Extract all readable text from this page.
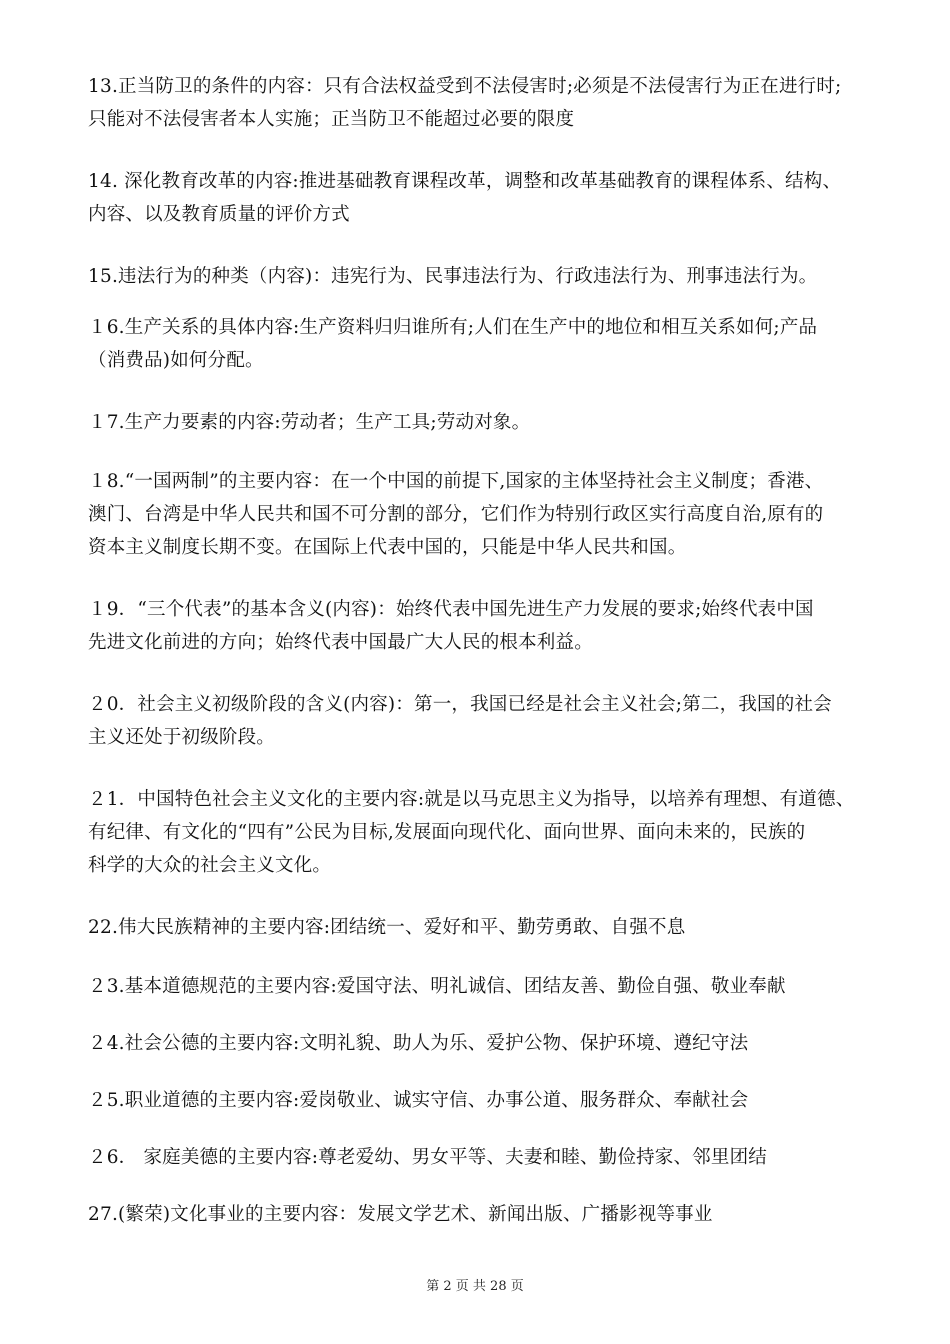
13.正当防卫的条件的内容：只有合法权益受到不法侵害时;必须是不法侵害行为正在进行时;
只能对不法侵害者本人实施；正当防卫不能超过必要的限度
14. 深化教育改革的内容:推进基础教育课程改革，调整和改革基础教育的课程体系、结构、
内容、以及教育质量的评价方式
15.违法行为的种类（内容)：违宪行为、民事违法行为、行政违法行为、刑事违法行为。
１6.生产关系的具体内容:生产资料归归谁所有;人们在生产中的地位和相互关系如何;产品
（消费品)如何分配。
１7.生产力要素的内容:劳动者；生产工具;劳动对象。
１8.“一国两制”的主要内容：在一个中国的前提下,国家的主体坚持社会主义制度；香港、
澳门、台湾是中华人民共和国不可分割的部分，它们作为特别行政区实行高度自治,原有的
资本主义制度长期不变。在国际上代表中国的，只能是中华人民共和国。
１9．“三个代表”的基本含义(内容)：始终代表中国先进生产力发展的要求;始终代表中国
先进文化前进的方向；始终代表中国最广大人民的根本利益。
２0．社会主义初级阶段的含义(内容)：第一，我国已经是社会主义社会;第二，我国的社会
主义还处于初级阶段。
２1．中国特色社会主义文化的主要内容:就是以马克思主义为指导，以培养有理想、有道德、
有纪律、有文化的“四有”公民为目标,发展面向现代化、面向世界、面向未来的，民族的
科学的大众的社会主义文化。
22.伟大民族精神的主要内容:团结统一、爱好和平、勤劳勇敢、自强不息
２3.基本道德规范的主要内容:爱国守法、明礼诚信、团结友善、勤俭自强、敬业奉献
２4.社会公德的主要内容:文明礼貌、助人为乐、爱护公物、保护环境、遵纪守法
２5.职业道德的主要内容:爱岗敬业、诚实守信、办事公道、服务群众、奉献社会
２6． 家庭美德的主要内容:尊老爱幼、男女平等、夫妻和睦、勤俭持家、邻里团结
27.(繁荣)文化事业的主要内容：发展文学艺术、新闻出版、广播影视等事业
第 2 页 共 28 页
